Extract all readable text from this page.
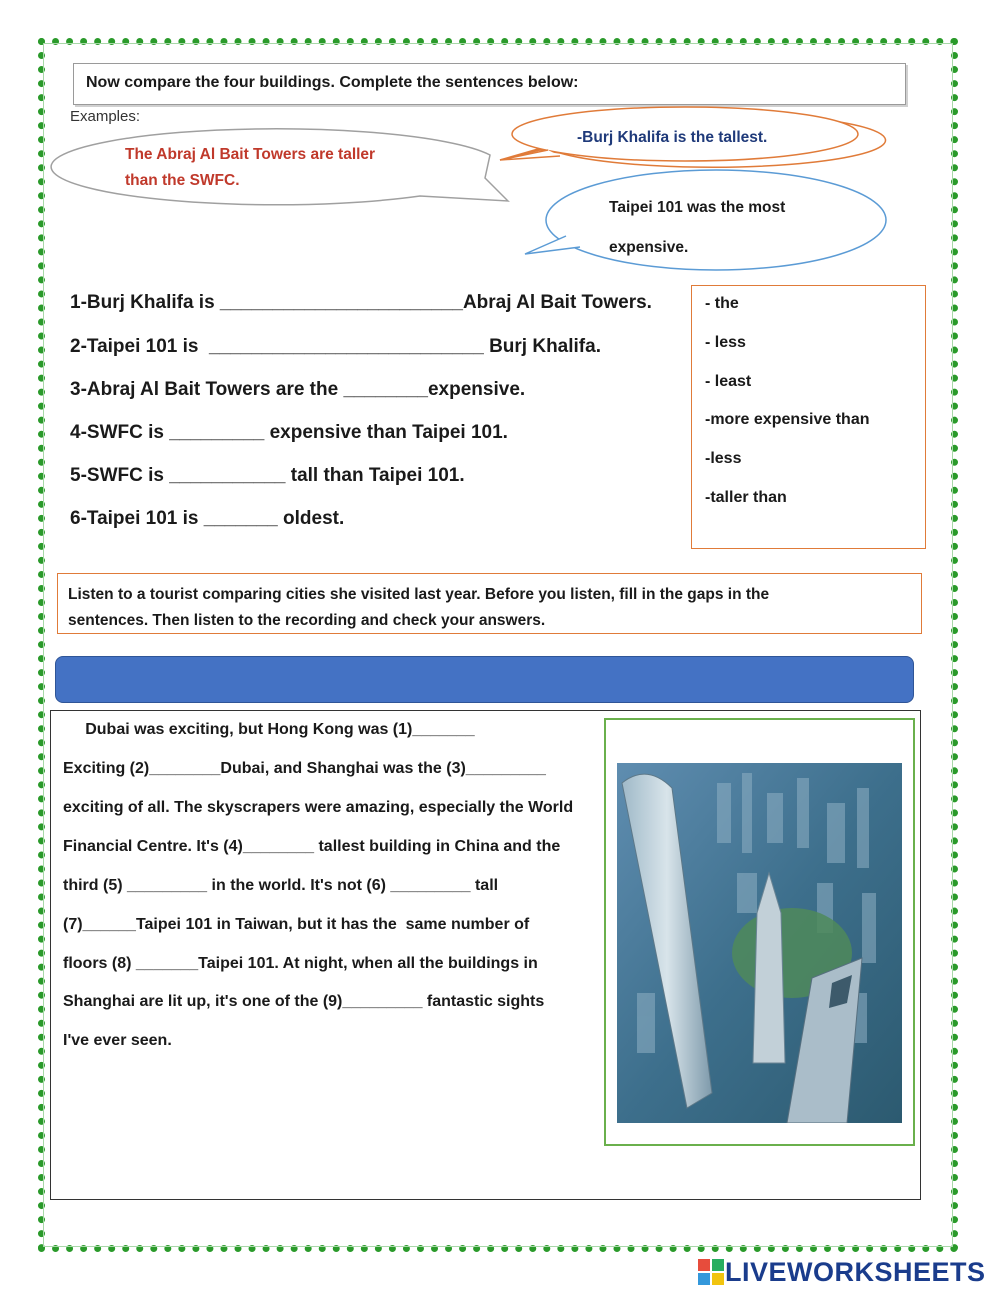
Now compare the four buildings. Complete the sentences below:
Examples:
The Abraj Al Bait Towers are taller
than the SWFC.
-Burj Khalifa is the tallest.
Taipei 101 was the most
expensive.
1-Burj Khalifa is _______________________Abraj Al Bait Towers.
2-Taipei 101 is  __________________________ Burj Khalifa.
3-Abraj Al Bait Towers are the ________expensive.
4-SWFC is _________ expensive than Taipei 101.
5-SWFC is ___________ tall than Taipei 101.
6-Taipei 101 is _______ oldest.
- the
- less
- least
-more expensive than
-less
-taller than
Listen to a tourist comparing cities she visited last year. Before you listen, fill in the gaps in the
sentences. Then listen to the recording and check your answers.
Dubai was exciting, but Hong Kong was (1)_______
Exciting (2)________Dubai, and Shanghai was the (3)_________
exciting of all. The skyscrapers were amazing, especially the World
Financial Centre. It's (4)________ tallest building in China and the
third (5) _________ in the world. It's not (6) _________ tall
(7)______Taipei 101 in Taiwan, but it has the  same number of
floors (8) _______Taipei 101. At night, when all the buildings in
Shanghai are lit up, it's one of the (9)_________ fantastic sights
I've ever seen.
LIVEWORKSHEETS
